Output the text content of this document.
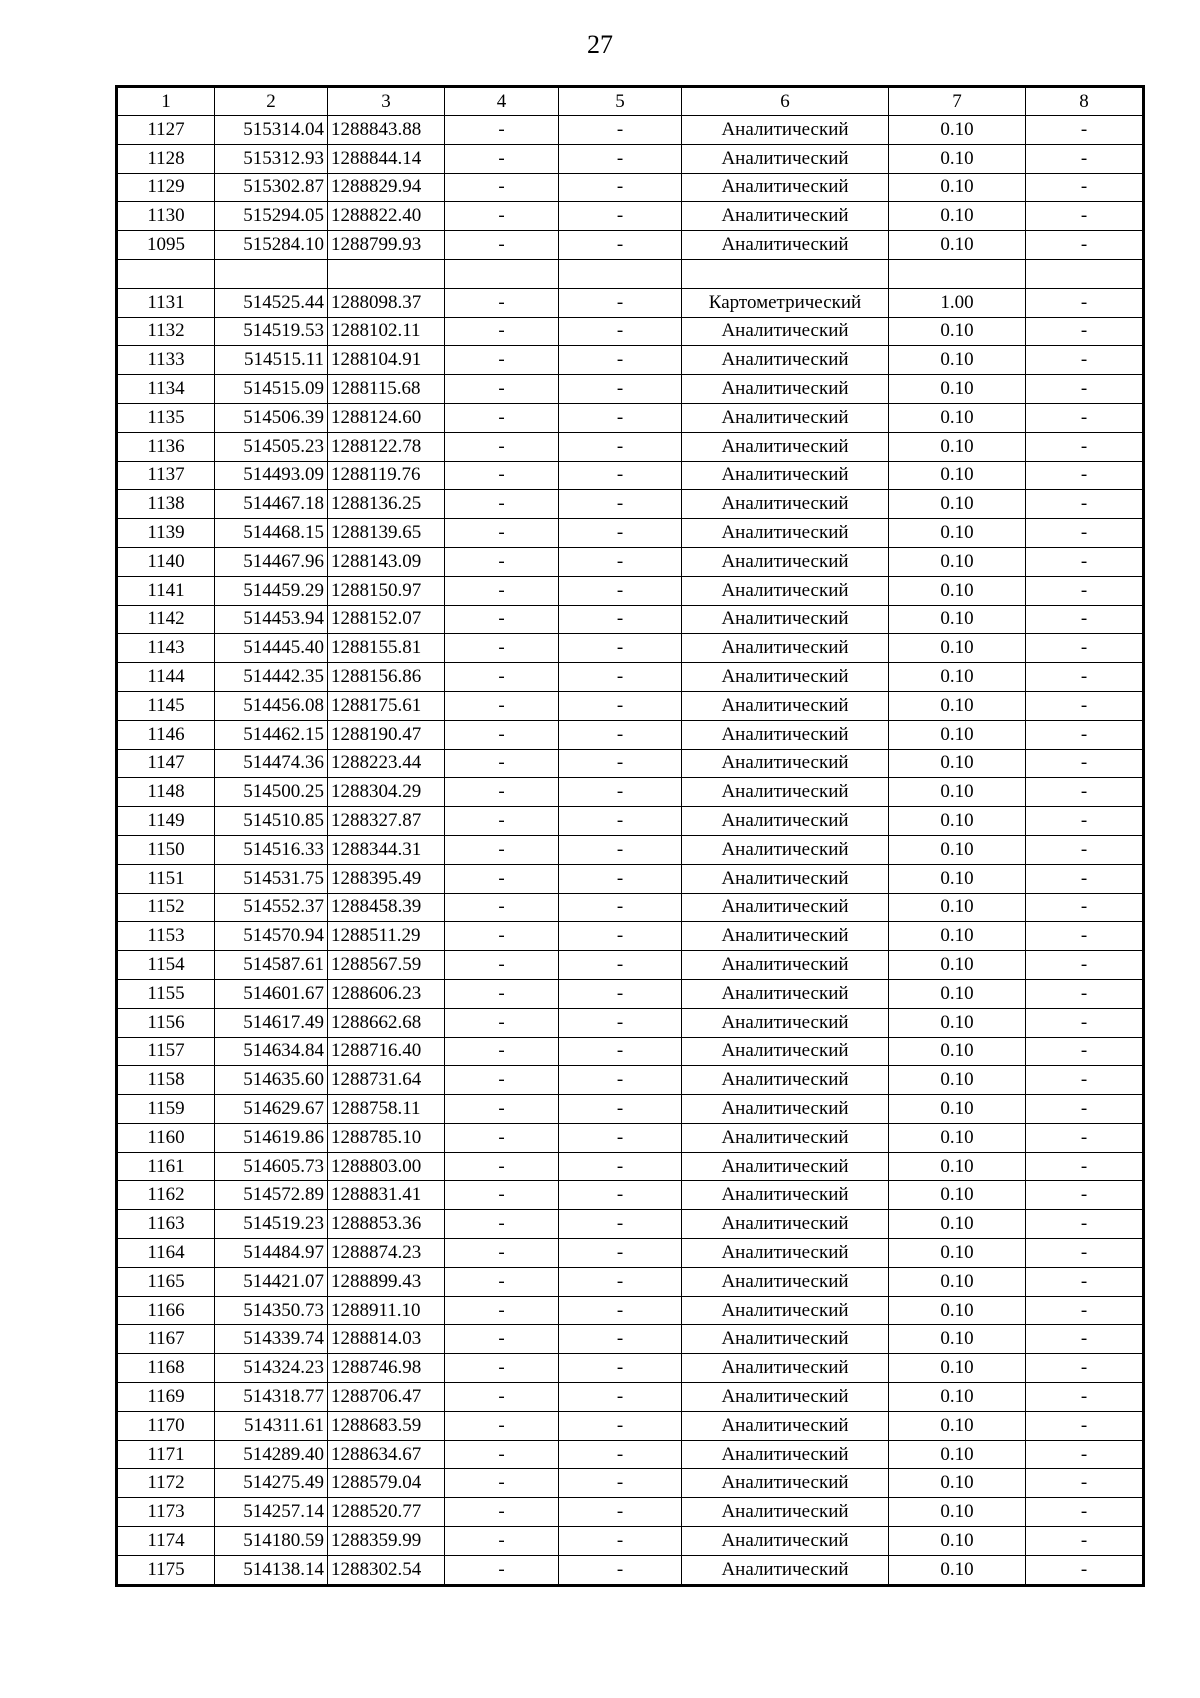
27
1	2	3	4	5	6	7	8
1127	515314.04	1288843.88	-	-	Аналитический	0.10	-
1128	515312.93	1288844.14	-	-	Аналитический	0.10	-
1129	515302.87	1288829.94	-	-	Аналитический	0.10	-
1130	515294.05	1288822.40	-	-	Аналитический	0.10	-
1095	515284.10	1288799.93	-	-	Аналитический	0.10	-

1131	514525.44	1288098.37	-	-	Картометрический	1.00	-
1132	514519.53	1288102.11	-	-	Аналитический	0.10	-
1133	514515.11	1288104.91	-	-	Аналитический	0.10	-
1134	514515.09	1288115.68	-	-	Аналитический	0.10	-
1135	514506.39	1288124.60	-	-	Аналитический	0.10	-
1136	514505.23	1288122.78	-	-	Аналитический	0.10	-
1137	514493.09	1288119.76	-	-	Аналитический	0.10	-
1138	514467.18	1288136.25	-	-	Аналитический	0.10	-
1139	514468.15	1288139.65	-	-	Аналитический	0.10	-
1140	514467.96	1288143.09	-	-	Аналитический	0.10	-
1141	514459.29	1288150.97	-	-	Аналитический	0.10	-
1142	514453.94	1288152.07	-	-	Аналитический	0.10	-
1143	514445.40	1288155.81	-	-	Аналитический	0.10	-
1144	514442.35	1288156.86	-	-	Аналитический	0.10	-
1145	514456.08	1288175.61	-	-	Аналитический	0.10	-
1146	514462.15	1288190.47	-	-	Аналитический	0.10	-
1147	514474.36	1288223.44	-	-	Аналитический	0.10	-
1148	514500.25	1288304.29	-	-	Аналитический	0.10	-
1149	514510.85	1288327.87	-	-	Аналитический	0.10	-
1150	514516.33	1288344.31	-	-	Аналитический	0.10	-
1151	514531.75	1288395.49	-	-	Аналитический	0.10	-
1152	514552.37	1288458.39	-	-	Аналитический	0.10	-
1153	514570.94	1288511.29	-	-	Аналитический	0.10	-
1154	514587.61	1288567.59	-	-	Аналитический	0.10	-
1155	514601.67	1288606.23	-	-	Аналитический	0.10	-
1156	514617.49	1288662.68	-	-	Аналитический	0.10	-
1157	514634.84	1288716.40	-	-	Аналитический	0.10	-
1158	514635.60	1288731.64	-	-	Аналитический	0.10	-
1159	514629.67	1288758.11	-	-	Аналитический	0.10	-
1160	514619.86	1288785.10	-	-	Аналитический	0.10	-
1161	514605.73	1288803.00	-	-	Аналитический	0.10	-
1162	514572.89	1288831.41	-	-	Аналитический	0.10	-
1163	514519.23	1288853.36	-	-	Аналитический	0.10	-
1164	514484.97	1288874.23	-	-	Аналитический	0.10	-
1165	514421.07	1288899.43	-	-	Аналитический	0.10	-
1166	514350.73	1288911.10	-	-	Аналитический	0.10	-
1167	514339.74	1288814.03	-	-	Аналитический	0.10	-
1168	514324.23	1288746.98	-	-	Аналитический	0.10	-
1169	514318.77	1288706.47	-	-	Аналитический	0.10	-
1170	514311.61	1288683.59	-	-	Аналитический	0.10	-
1171	514289.40	1288634.67	-	-	Аналитический	0.10	-
1172	514275.49	1288579.04	-	-	Аналитический	0.10	-
1173	514257.14	1288520.77	-	-	Аналитический	0.10	-
1174	514180.59	1288359.99	-	-	Аналитический	0.10	-
1175	514138.14	1288302.54	-	-	Аналитический	0.10	-
